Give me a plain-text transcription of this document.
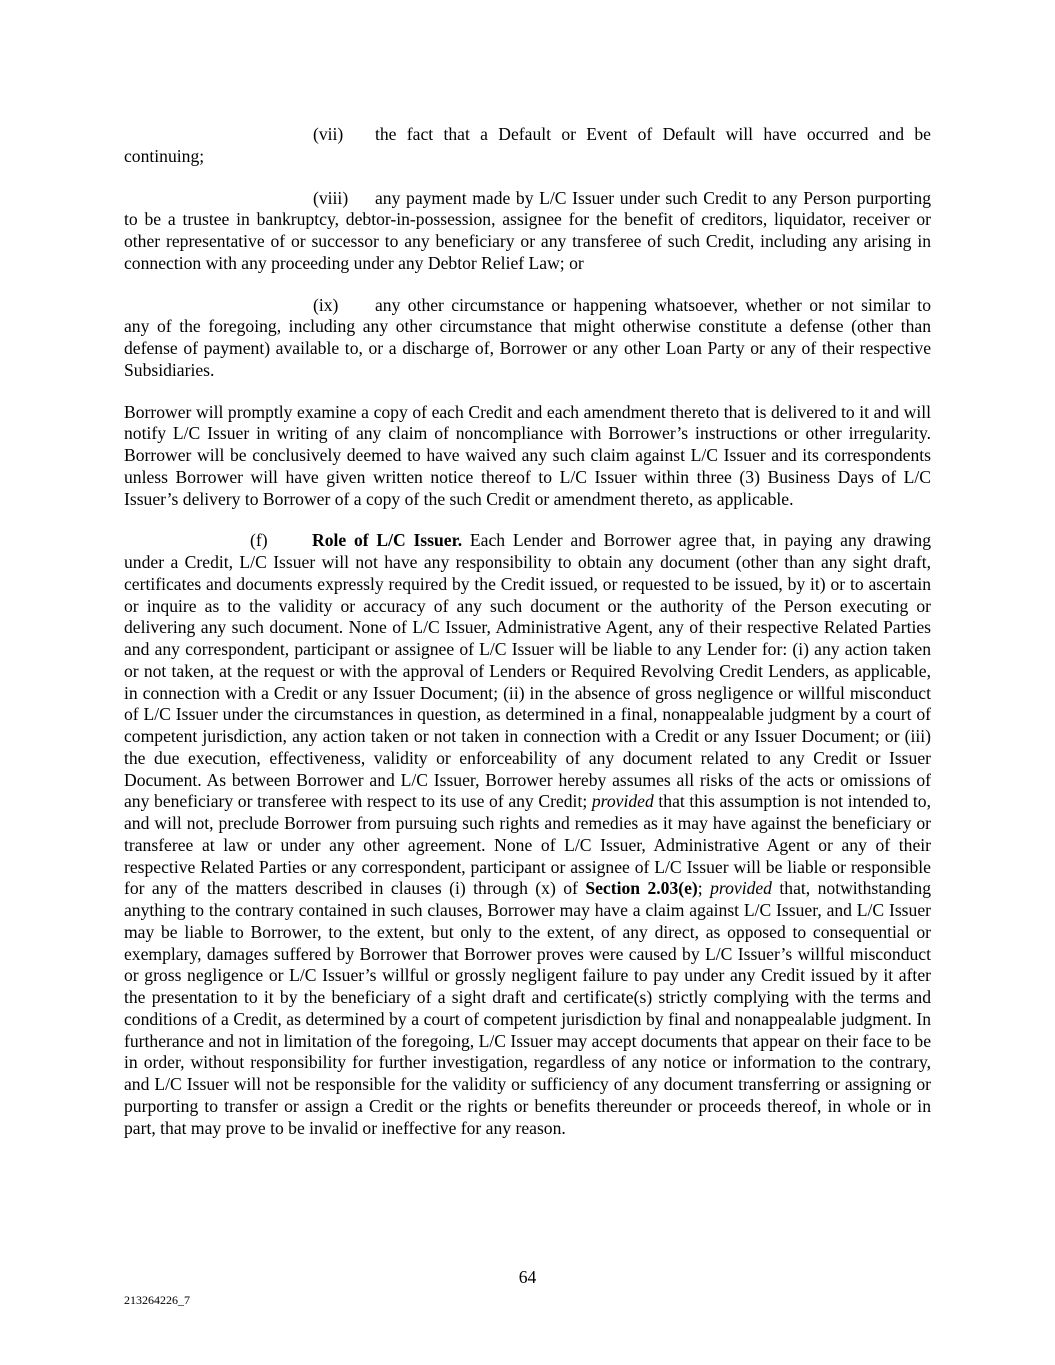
(vii) the fact that a Default or Event of Default will have occurred and be continuing;

(viii) any payment made by L/C Issuer under such Credit to any Person purporting to be a trustee in bankruptcy, debtor-in-possession, assignee for the benefit of creditors, liquidator, receiver or other representative of or successor to any beneficiary or any transferee of such Credit, including any arising in connection with any proceeding under any Debtor Relief Law; or

(ix) any other circumstance or happening whatsoever, whether or not similar to any of the foregoing, including any other circumstance that might otherwise constitute a defense (other than defense of payment) available to, or a discharge of, Borrower or any other Loan Party or any of their respective Subsidiaries.

Borrower will promptly examine a copy of each Credit and each amendment thereto that is delivered to it and will notify L/C Issuer in writing of any claim of noncompliance with Borrower’s instructions or other irregularity. Borrower will be conclusively deemed to have waived any such claim against L/C Issuer and its correspondents unless Borrower will have given written notice thereof to L/C Issuer within three (3) Business Days of L/C Issuer’s delivery to Borrower of a copy of the such Credit or amendment thereto, as applicable.

(f)	Role of L/C Issuer. Each Lender and Borrower agree that, in paying any drawing under a Credit, L/C Issuer will not have any responsibility to obtain any document (other than any sight draft, certificates and documents expressly required by the Credit issued, or requested to be issued, by it) or to ascertain or inquire as to the validity or accuracy of any such document or the authority of the Person executing or delivering any such document. None of L/C Issuer, Administrative Agent, any of their respective Related Parties and any correspondent, participant or assignee of L/C Issuer will be liable to any Lender for: (i) any action taken or not taken, at the request or with the approval of Lenders or Required Revolving Credit Lenders, as applicable, in connection with a Credit or any Issuer Document; (ii) in the absence of gross negligence or willful misconduct of L/C Issuer under the circumstances in question, as determined in a final, nonappealable judgment by a court of competent jurisdiction, any action taken or not taken in connection with a Credit or any Issuer Document; or (iii) the due execution, effectiveness, validity or enforceability of any document related to any Credit or Issuer Document. As between Borrower and L/C Issuer, Borrower hereby assumes all risks of the acts or omissions of any beneficiary or transferee with respect to its use of any Credit; provided that this assumption is not intended to, and will not, preclude Borrower from pursuing such rights and remedies as it may have against the beneficiary or transferee at law or under any other agreement. None of L/C Issuer, Administrative Agent or any of their respective Related Parties or any correspondent, participant or assignee of L/C Issuer will be liable or responsible for any of the matters described in clauses (i) through (x) of Section 2.03(e); provided that, notwithstanding anything to the contrary contained in such clauses, Borrower may have a claim against L/C Issuer, and L/C Issuer may be liable to Borrower, to the extent, but only to the extent, of any direct, as opposed to consequential or exemplary, damages suffered by Borrower that Borrower proves were caused by L/C Issuer’s willful misconduct or gross negligence or L/C Issuer’s willful or grossly negligent failure to pay under any Credit issued by it after the presentation to it by the beneficiary of a sight draft and certificate(s) strictly complying with the terms and conditions of a Credit, as determined by a court of competent jurisdiction by final and nonappealable judgment. In furtherance and not in limitation of the foregoing, L/C Issuer may accept documents that appear on their face to be in order, without responsibility for further investigation, regardless of any notice or information to the contrary, and L/C Issuer will not be responsible for the validity or sufficiency of any document transferring or assigning or purporting to transfer or assign a Credit or the rights or benefits thereunder or proceeds thereof, in whole or in part, that may prove to be invalid or ineffective for any reason.

64
213264226_7
